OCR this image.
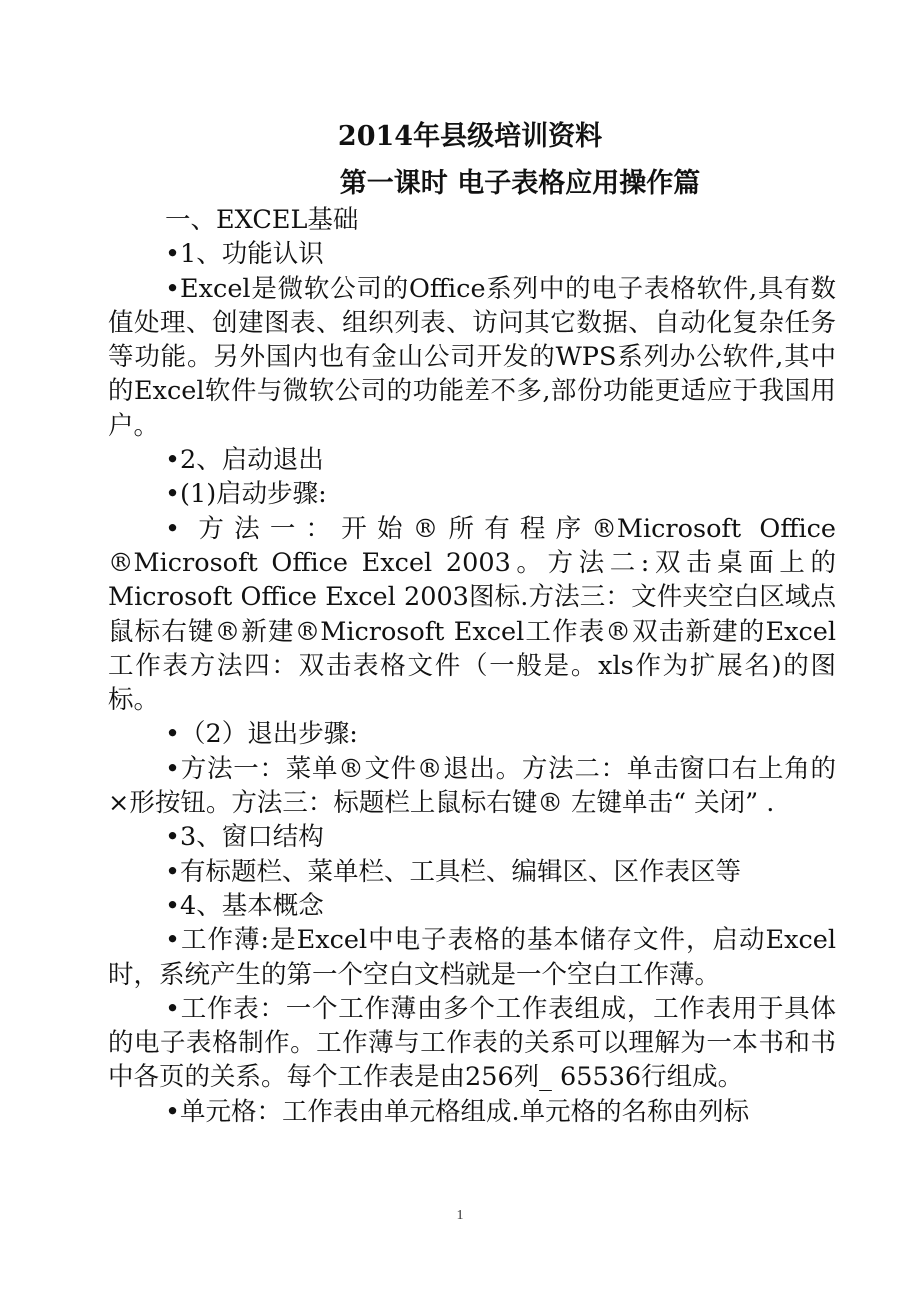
2014年县级培训资料
第一课时 电子表格应用操作篇

一、EXCEL基础

•1、功能认识

•Excel是微软公司的Office系列中的电子表格软件,具有数值处理、创建图表、组织列表、访问其它数据、自动化复杂任务等功能。另外国内也有金山公司开发的WPS系列办公软件,其中的Excel软件与微软公司的功能差不多,部份功能更适应于我国用户。

•2、启动退出

•(1)启动步骤:

• 方法一：开始®所有程序®Microsoft Office ®Microsoft Office Excel 2003。方法二:双击桌面上的Microsoft Office Excel 2003图标.方法三：文件夹空白区域点鼠标右键®新建®Microsoft Excel工作表®双击新建的Excel工作表方法四：双击表格文件（一般是。xls作为扩展名)的图标。

•（2）退出步骤:

•方法一：菜单®文件®退出。方法二：单击窗口右上角的×形按钮。方法三：标题栏上鼠标右键® 左键单击“ 关闭” .

•3、窗口结构

•有标题栏、菜单栏、工具栏、编辑区、区作表区等

•4、基本概念

•工作薄:是Excel中电子表格的基本储存文件，启动Excel时，系统产生的第一个空白文档就是一个空白工作薄。

•工作表：一个工作薄由多个工作表组成，工作表用于具体的电子表格制作。工作薄与工作表的关系可以理解为一本书和书中各页的关系。每个工作表是由256列_ 65536行组成。

•单元格：工作表由单元格组成.单元格的名称由列标

1
